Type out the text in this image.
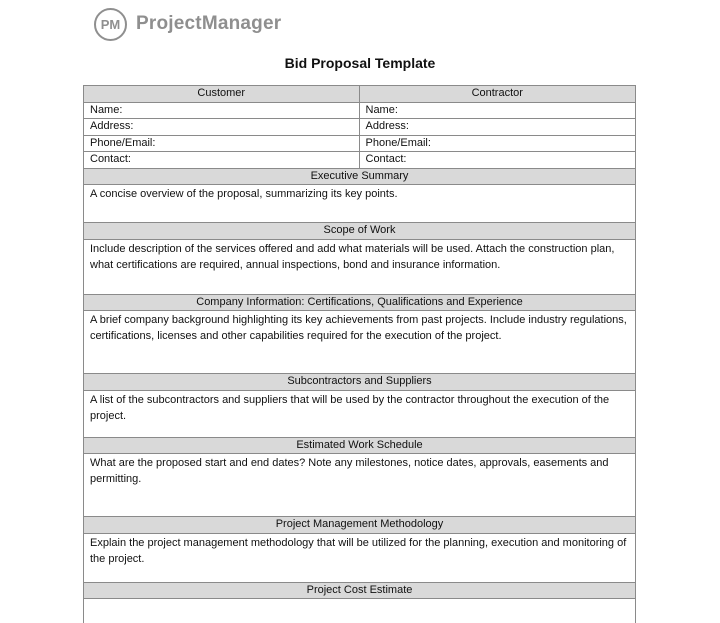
PM ProjectManager
Bid Proposal Template
Customer	Contractor
Name:	Name:
Address:	Address:
Phone/Email:	Phone/Email:
Contact:	Contact:
Executive Summary
A concise overview of the proposal, summarizing its key points.
Scope of Work
Include description of the services offered and add what materials will be used. Attach the construction plan, what certifications are required, annual inspections, bond and insurance information.
Company Information: Certifications, Qualifications and Experience
A brief company background highlighting its key achievements from past projects. Include industry regulations, certifications, licenses and other capabilities required for the execution of the project.
Subcontractors and Suppliers
A list of the subcontractors and suppliers that will be used by the contractor throughout the execution of the project.
Estimated Work Schedule
What are the proposed start and end dates? Note any milestones, notice dates, approvals, easements and permitting.
Project Management Methodology
Explain the project management methodology that will be utilized for the planning, execution and monitoring of the project.
Project Cost Estimate
